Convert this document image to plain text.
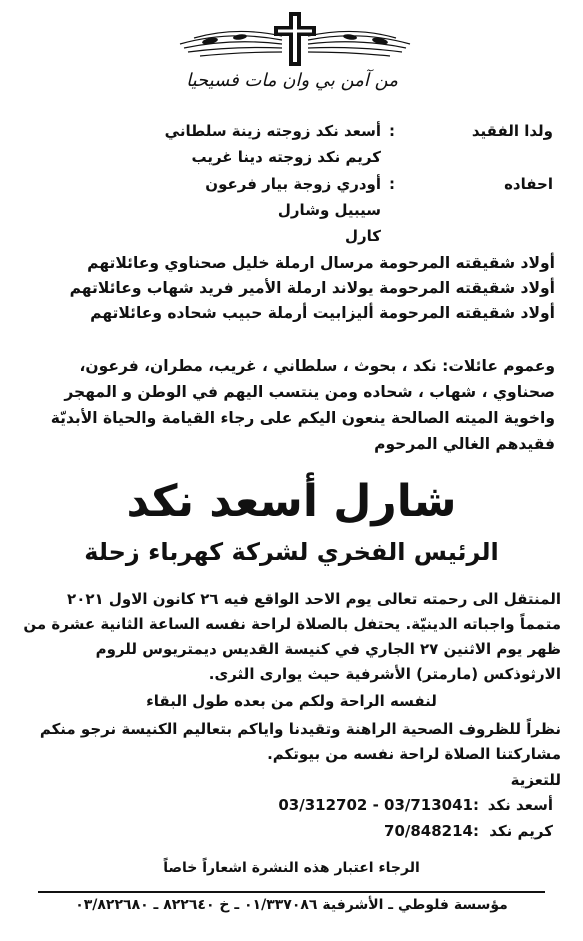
من آمن بي وان مات فسيحيا
ولدا الفقيد:أسعد نكد زوجته زينة سلطاني
كريم نكد زوجته دينا غريب
احفاده:أودري زوجة بيار فرعون
سيبيل وشارل
كارل
أولاد شقيقته المرحومة مرسال ارملة خليل صحناوي وعائلاتهم
أولاد شقيقته المرحومة يولاند ارملة الأمير فريد شهاب وعائلاتهم
أولاد شقيقته المرحومة أليزابيت أرملة حبيب شحاده وعائلاتهم
وعموم عائلات: نكد ، بحوث ، سلطاني ، غريب، مطران، فرعون،
صحناوي ، شهاب ، شحاده ومن ينتسب اليهم في الوطن و المهجر
واخوية الميته الصالحة ينعون اليكم على رجاء القيامة والحياة الأبديّة
فقيدهم الغالي المرحوم
شارل أسعد نكد
الرئيس الفخري لشركة كهرباء زحلة
المنتقل الى رحمته تعالى يوم الاحد الواقع فيه ٢٦ كانون الاول ٢٠٢١
متمماً واجباته الدينيّة. يحتفل بالصلاة لراحة نفسه الساعة الثانية عشرة من
ظهر يوم الاثنين ٢٧ الجاري في كنيسة القديس ديمتريوس للروم
الارثوذكس (مارمتر) الأشرفية حيث يوارى الثرى.
لنفسه الراحة ولكم من بعده طول البقاء
نظراً للظروف الصحية الراهنة وتقيدنا واياكم بتعاليم الكنيسة نرجو منكم
مشاركتنا الصلاة لراحة نفسه من بيوتكم.
للتعزية
أسعد نكد:
03/312702 - 03/713041
كريم نكد:
70/848214
الرجاء اعتبار هذه النشرة اشعاراً خاصاً
مؤسسة فلوطي ـ الأشرفية ٠١/٣٣٧٠٨٦ ـ خ ٨٢٢٦٤٠ ـ ٠٣/٨٢٢٦٨٠
